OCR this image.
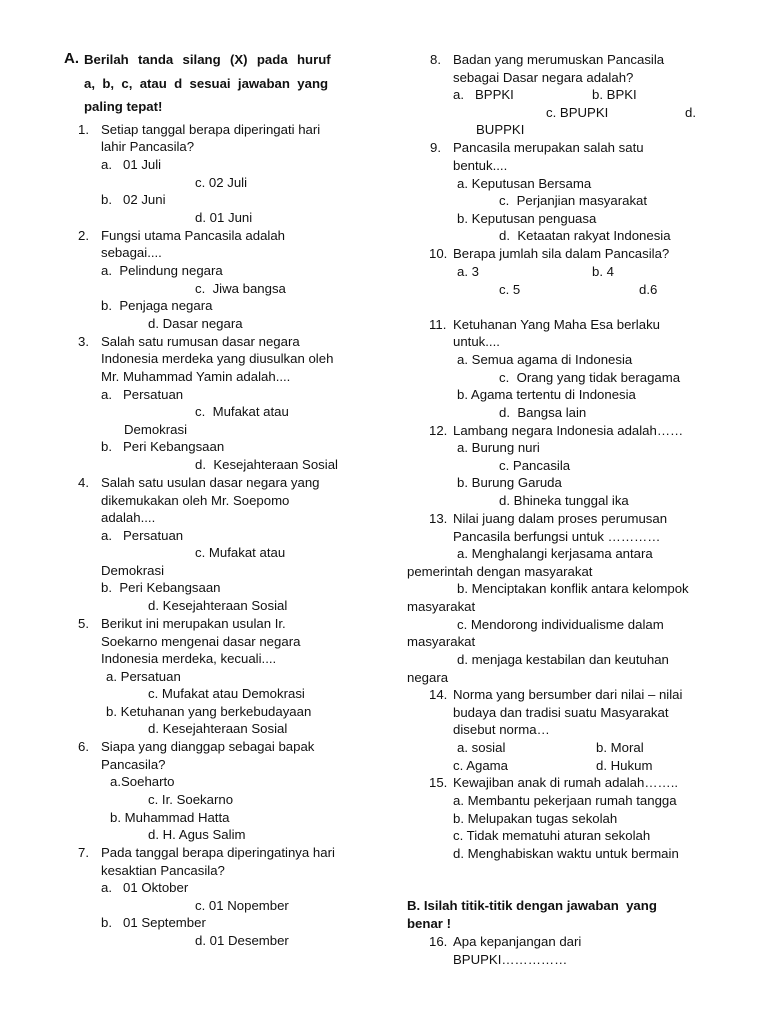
A. Berilah  tanda  silang  (X)  pada  huruf
a,  b,  c,  atau  d  sesuai  jawaban  yang
paling tepat!
1. Setiap tanggal berapa diperingati hari
lahir Pancasila?
a.   01 Juli
c. 02 Juli
b.   02 Juni
d. 01 Juni
2. Fungsi utama Pancasila adalah
sebagai....
a.  Pelindung negara
c.  Jiwa bangsa
b.  Penjaga negara
d. Dasar negara
3. Salah satu rumusan dasar negara
Indonesia merdeka yang diusulkan oleh
Mr. Muhammad Yamin adalah....
a.   Persatuan
c.  Mufakat atau
Demokrasi
b.   Peri Kebangsaan
d.  Kesejahteraan Sosial
4. Salah satu usulan dasar negara yang
dikemukakan oleh Mr. Soepomo
adalah....
a.   Persatuan
c. Mufakat atau
Demokrasi
b.  Peri Kebangsaan
d. Kesejahteraan Sosial
5. Berikut ini merupakan usulan Ir.
Soekarno mengenai dasar negara
Indonesia merdeka, kecuali....
a. Persatuan
c. Mufakat atau Demokrasi
b. Ketuhanan yang berkebudayaan
d. Kesejahteraan Sosial
6. Siapa yang dianggap sebagai bapak
Pancasila?
a.Soeharto
c. Ir. Soekarno
b. Muhammad Hatta
d. H. Agus Salim
7. Pada tanggal berapa diperingatinya hari
kesaktian Pancasila?
a.   01 Oktober
c. 01 Nopember
b.   01 September
d. 01 Desember
8. Badan yang merumuskan Pancasila
sebagai Dasar negara adalah?
a.   BPPKI	b. BPKI
c. BPUPKI	d.
BUPPKI
9. Pancasila merupakan salah satu
bentuk....
a. Keputusan Bersama
c.  Perjanjian masyarakat
b. Keputusan penguasa
d.  Ketaatan rakyat Indonesia
10. Berapa jumlah sila dalam Pancasila?
a. 3	b. 4
c. 5	d.6
11. Ketuhanan Yang Maha Esa berlaku
untuk....
a. Semua agama di Indonesia
c.  Orang yang tidak beragama
b. Agama tertentu di Indonesia
d.  Bangsa lain
12. Lambang negara Indonesia adalah……
a. Burung nuri
c. Pancasila
b. Burung Garuda
d. Bhineka tunggal ika
13. Nilai juang dalam proses perumusan
Pancasila berfungsi untuk …………
a. Menghalangi kerjasama antara
pemerintah dengan masyarakat
b. Menciptakan konflik antara kelompok
masyarakat
c. Mendorong individualisme dalam
masyarakat
d. menjaga kestabilan dan keutuhan
negara
14. Norma yang bersumber dari nilai – nilai
budaya dan tradisi suatu Masyarakat
disebut norma…
a. sosial	b. Moral
c. Agama	d. Hukum
15. Kewajiban anak di rumah adalah……..
a. Membantu pekerjaan rumah tangga
b. Melupakan tugas sekolah
c. Tidak mematuhi aturan sekolah
d. Menghabiskan waktu untuk bermain
B. Isilah titik-titik dengan jawaban  yang
benar !
16. Apa kepanjangan dari
BPUPKI……………
